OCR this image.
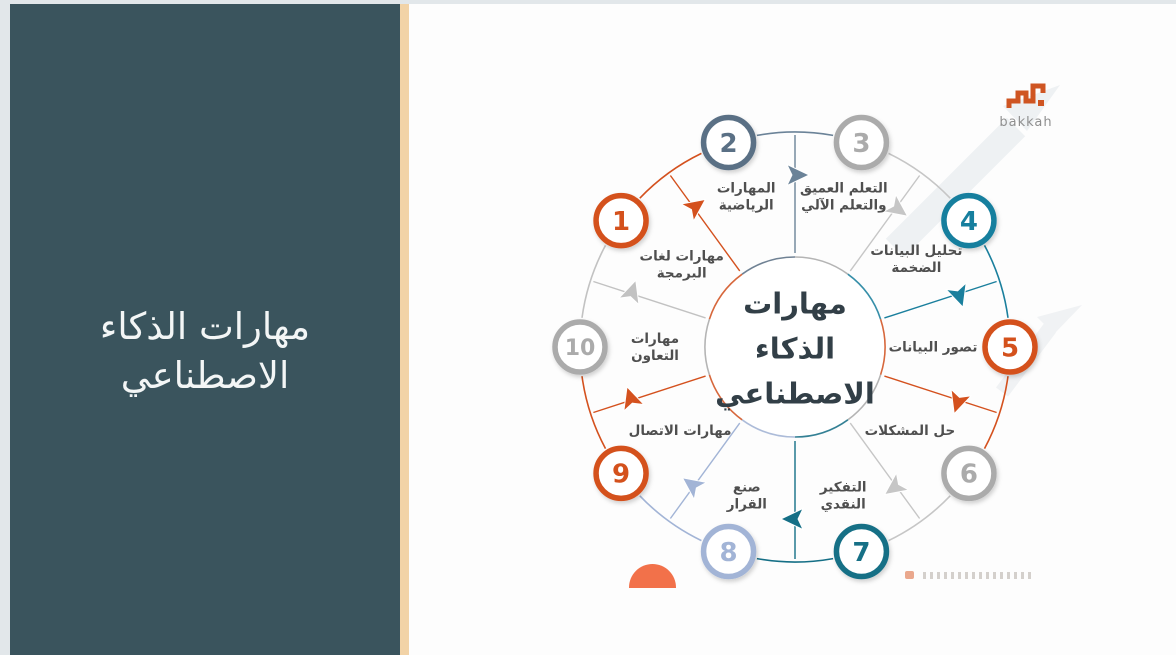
مهارات الذكاء
الاصطناعي
1
2	3
4
5
6
7
8
9
10
مهارات لغات البرمجة
المهارات الرياضية
التعلم العميق والتعلم الآلي
تحليل البيانات الضخمة
تصور البيانات
حل المشكلات
التفكير النقدي
صنع القرار
مهارات الاتصال
مهارات التعاون
مهارات
الذكاء
الاصطناعي
bakkah
